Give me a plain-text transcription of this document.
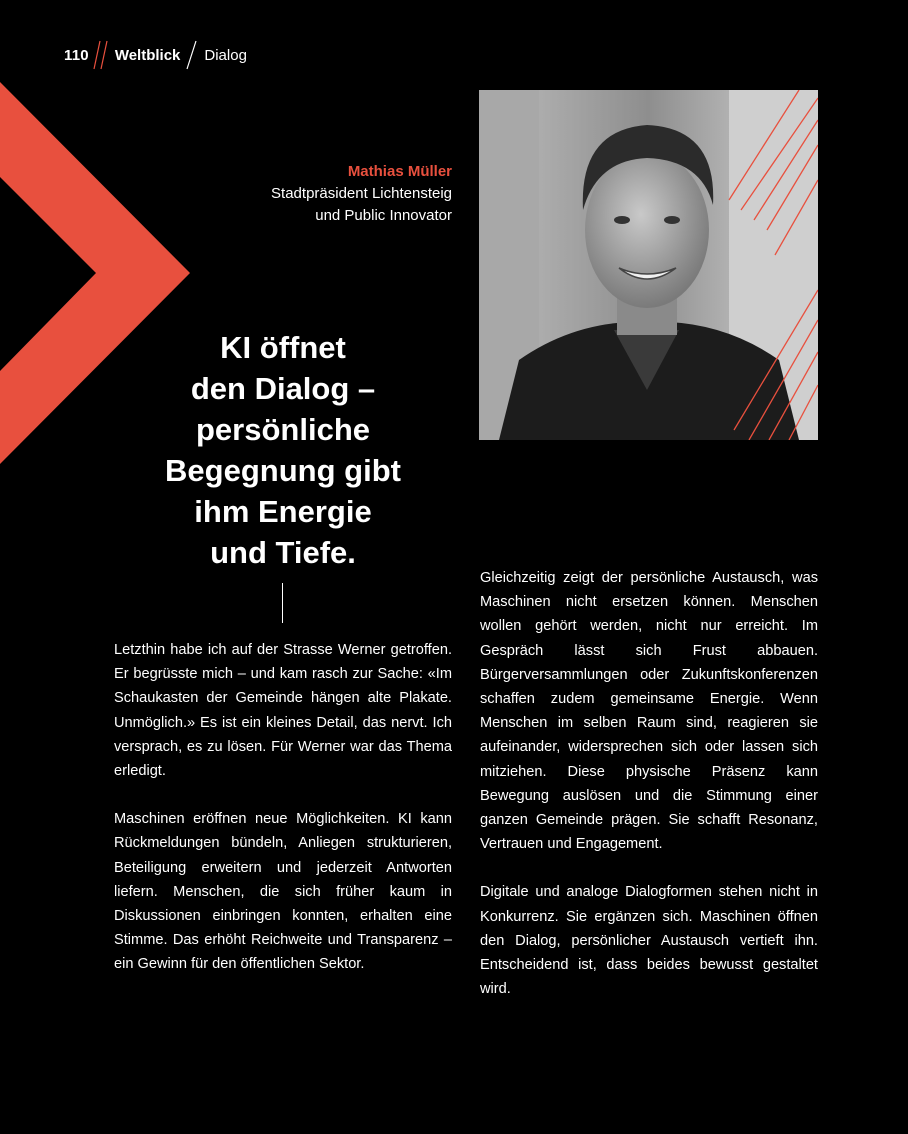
110 Weltblick Dialog
Mathias Müller
Stadtpräsident Lichtensteig
und Public Innovator
KI öffnet
den Dialog –
persönliche
Begegnung gibt
ihm Energie
und Tiefe.

Letzthin habe ich auf der Strasse Werner getroffen. Er begrüsste mich – und kam rasch zur Sache: «Im Schaukasten der Gemeinde hängen alte Plakate. Unmöglich.» Es ist ein kleines Detail, das nervt. Ich versprach, es zu lösen. Für Werner war das Thema erledigt.

Maschinen eröffnen neue Möglichkeiten. KI kann Rückmeldungen bündeln, Anliegen strukturieren, Beteiligung erweitern und jederzeit Antworten liefern. Menschen, die sich früher kaum in Diskussionen einbringen konnten, erhalten eine Stimme. Das erhöht Reichweite und Transparenz – ein Gewinn für den öffentlichen Sektor.

Gleichzeitig zeigt der persönliche Austausch, was Maschinen nicht ersetzen können. Menschen wollen gehört werden, nicht nur erreicht. Im Gespräch lässt sich Frust abbauen. Bürgerversammlungen oder Zukunftskonferenzen schaffen zudem gemeinsame Energie. Wenn Menschen im selben Raum sind, reagieren sie aufeinander, widersprechen sich oder lassen sich mitziehen. Diese physische Präsenz kann Bewegung auslösen und die Stimmung einer ganzen Gemeinde prägen. Sie schafft Resonanz, Vertrauen und Engagement.

Digitale und analoge Dialogformen stehen nicht in Konkurrenz. Sie ergänzen sich. Maschinen öffnen den Dialog, persönlicher Austausch vertieft ihn. Entscheidend ist, dass beides bewusst gestaltet wird.
